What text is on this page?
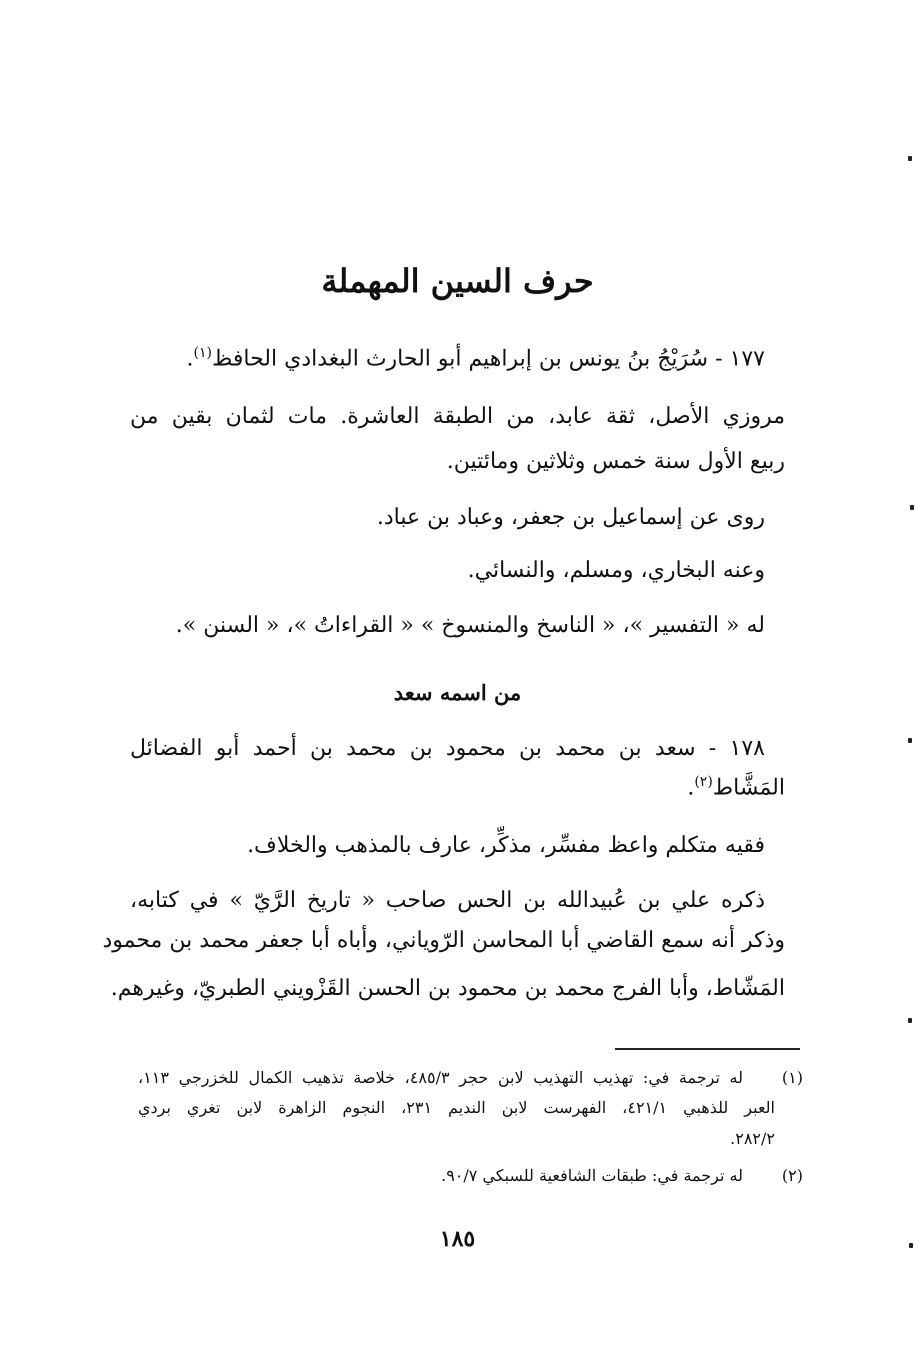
حرف السين المهملة
١٧٧ - سُرَيْجُ بنُ يونس بن إبراهيم أبو الحارث البغدادي الحافظ$^{(١)}$.
مروزي الأصل، ثقة عابد، من الطبقة العاشرة. مات لثمان بقين من
ربيع الأول سنة خمس وثلاثين ومائتين.
روى عن إسماعيل بن جعفر، وعباد بن عباد.
وعنه البخاري، ومسلم، والنسائي.
له « التفسير »، « الناسخ والمنسوخ » « القراءاتُ »، « السنن ».
من اسمه سعد
١٧٨ - سعد بن محمد بن محمود بن محمد بن أحمد أبو الفضائل
المَشَّاط$^{(٢)}$.
فقيه متكلم واعظ مفسِّر، مذكِّر، عارف بالمذهب والخلاف.
ذكره علي بن عُبيدالله بن الحس صاحب « تاريخ الرَّيّ » في كتابه،
وذكر أنه سمع القاضي أبا المحاسن الرّوياني، وأباه أبا جعفر محمد بن محمود
المَشّاط، وأبا الفرج محمد بن محمود بن الحسن القَزْويني الطبريّ، وغيرهم.
(١)
له ترجمة في: تهذيب التهذيب لابن حجر ٤٨٥/٣، خلاصة تذهيب الكمال للخزرجي ١١٣،
العبر للذهبي ٤٢١/١، الفهرست لابن النديم ٢٣١، النجوم الزاهرة لابن تغري بردي
٢٨٢/٢.
(٢)
له ترجمة في: طبقات الشافعية للسبكي ٩٠/٧.
١٨٥
